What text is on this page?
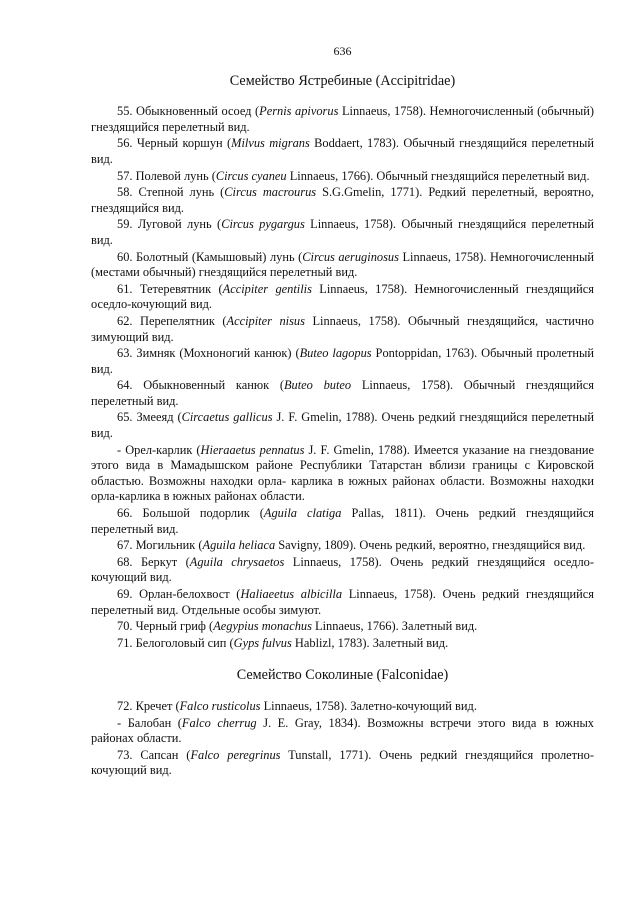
636
Семейство Ястребиные (Accipitridae)

55. Обыкновенный осоед (Pernis apivorus Linnaeus, 1758). Немногочисленный (обычный) гнездящийся перелетный вид.

56. Черный коршун (Milvus migrans Boddaert, 1783). Обычный гнездящийся перелетный вид.

57. Полевой лунь (Circus cyaneu Linnaeus, 1766). Обычный гнездящийся перелетный вид.

58. Степной лунь (Circus macrourus S.G.Gmelin, 1771). Редкий перелетный, вероятно, гнездящийся вид.

59. Луговой лунь (Circus pygargus Linnaeus, 1758). Обычный гнездящийся перелетный вид.

60. Болотный (Камышовый) лунь (Circus aeruginosus Linnaeus, 1758). Немногочисленный (местами обычный) гнездящийся перелетный вид.

61. Тетеревятник (Accipiter gentilis Linnaeus, 1758). Немногочисленный гнездящийся оседло-кочующий вид.

62. Перепелятник (Accipiter nisus Linnaeus, 1758). Обычный гнездящийся, частично зимующий вид.

63. Зимняк (Мохноногий канюк) (Buteo lagopus Pontoppidan, 1763). Обычный пролетный вид.

64. Обыкновенный канюк (Buteo buteo Linnaeus, 1758). Обычный гнездящийся перелетный вид.

65. Змееяд (Circaetus gallicus J. F. Gmelin, 1788). Очень редкий гнездящийся перелетный вид.

- Орел-карлик (Hieraaetus pennatus J. F. Gmelin, 1788). Имеется указание на гнездование этого вида в Мамадышском районе Республики Татарстан вблизи границы с Кировской областью. Возможны находки орла- карлика в южных районах области. Возможны находки орла-карлика в южных районах области.

66. Большой подорлик (Aguila clatiga Pallas, 1811). Очень редкий гнездящийся перелетный вид.

67. Могильник (Aguila heliaca Savigny, 1809). Очень редкий, вероятно, гнездящийся вид.

68. Беркут (Aguila chrysaetos Linnaeus, 1758). Очень редкий гнездящийся оседло-кочующий вид.

69. Орлан-белохвост (Haliaeetus albicilla Linnaeus, 1758). Очень редкий гнездящийся перелетный вид. Отдельные особы зимуют.

70. Черный гриф (Aegypius monachus Linnaeus, 1766). Залетный вид.

71. Белоголовый сип (Gyps fulvus Hablizl, 1783). Залетный вид.

Семейство Соколиные (Falconidae)

72. Кречет (Falco rusticolus Linnaeus, 1758). Залетно-кочующий вид.

- Балобан (Falco cherrug J. E. Gray, 1834). Возможны встречи этого вида в южных районах области.

73. Сапсан (Falco peregrinus Tunstall, 1771). Очень редкий гнездящийся пролетно-кочующий вид.
